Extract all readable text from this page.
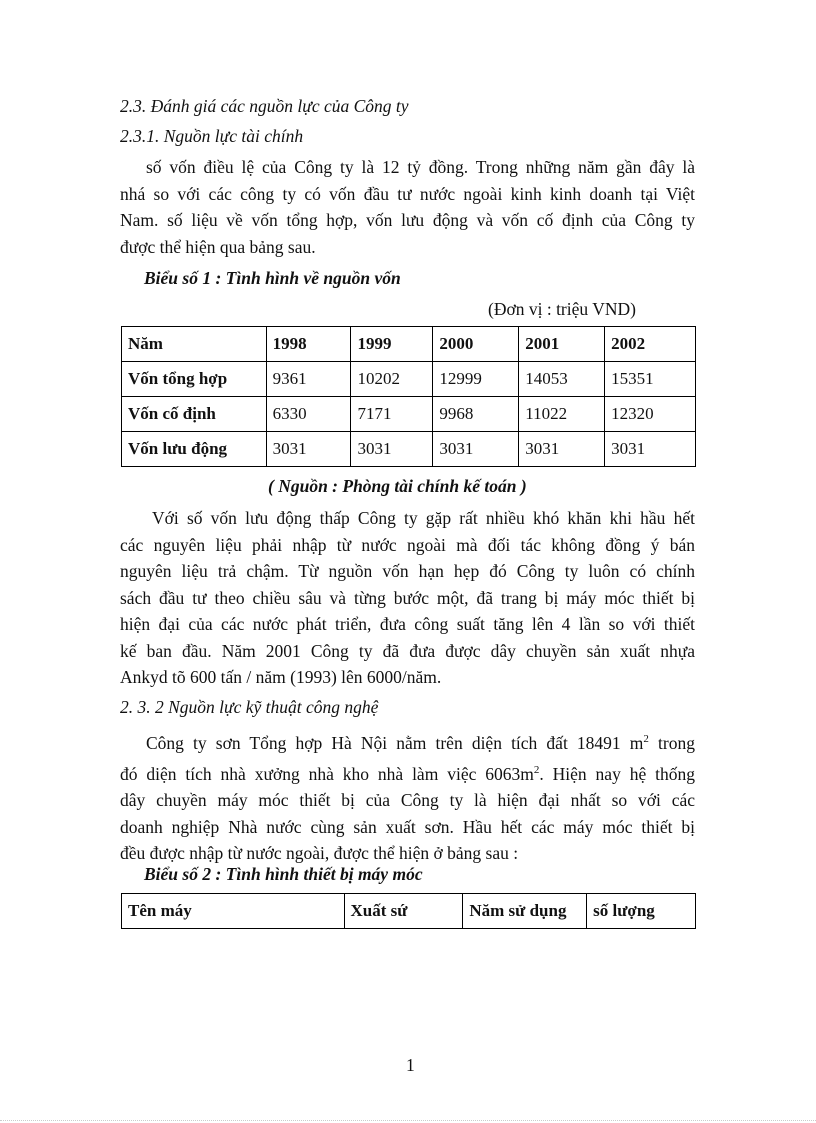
2.3. Đánh giá các nguồn lực của Công ty
2.3.1. Nguồn lực tài chính
số vốn điều lệ của Công ty là 12 tỷ đồng. Trong những năm gần đây là
nhá so với các công ty có vốn đầu tư nước ngoài kinh kinh doanh tại Việt
Nam. số liệu về vốn tổng hợp, vốn lưu động và vốn cố định của Công ty
được thể hiện qua bảng sau.
Biểu số 1 : Tình hình về nguồn vốn
(Đơn vị : triệu VND)
Năm	1998	1999	2000	2001	2002
Vốn tổng hợp	9361	10202	12999	14053	15351
Vốn cố định	6330	7171	9968	11022	12320
Vốn lưu động	3031	3031	3031	3031	3031
( Nguồn : Phòng tài chính kế toán )
Với số vốn lưu động thấp Công ty gặp rất nhiều khó khăn khi hầu hết
các nguyên liệu phải nhập từ nước ngoài mà đối tác không đồng ý bán
nguyên liệu trả chậm. Từ nguồn vốn hạn hẹp đó Công ty luôn có chính
sách đầu tư theo chiều sâu và từng bước một, đã trang bị máy móc thiết bị
hiện đại của các nước phát triển, đưa công suất tăng lên 4 lần so với thiết
kế ban đầu. Năm 2001 Công ty đã đưa được dây chuyền sản xuất nhựa
Ankyd tõ 600 tấn / năm (1993) lên 6000/năm.
2. 3. 2 Nguồn lực kỹ thuật công nghệ
Công ty sơn Tổng hợp Hà Nội nằm trên diện tích đất 18491 $m^2$ trong
đó diện tích nhà xưởng nhà kho nhà làm việc $6063m^2$. Hiện nay hệ thống
dây chuyền máy móc thiết bị của Công ty là hiện đại nhất so với các
doanh nghiệp Nhà nước cùng sản xuất sơn. Hầu hết các máy móc thiết bị
đều được nhập từ nước ngoài, được thể hiện ở bảng sau :
Biểu số 2 : Tình hình thiết bị máy móc
Tên máy	Xuất sứ	Năm sử dụng	số lượng
1
